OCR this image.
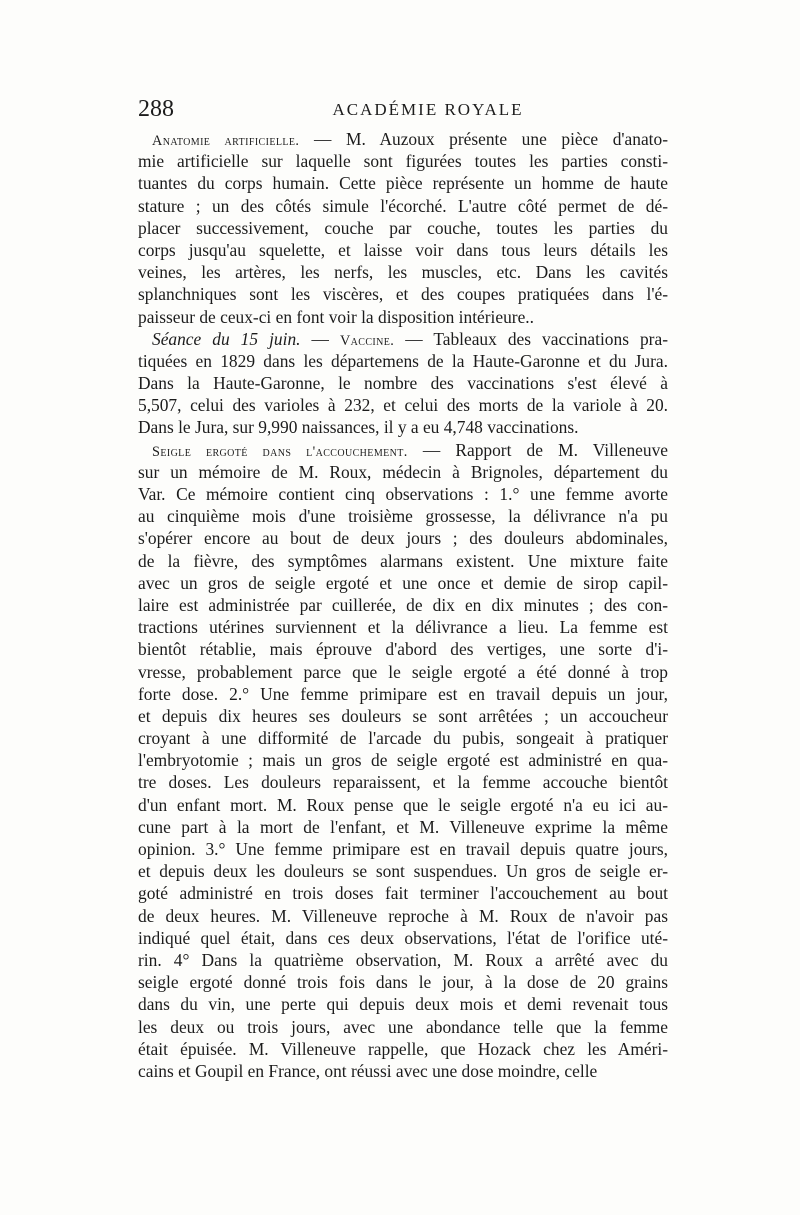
288	ACADÉMIE ROYALE
Anatomie artificielle. — M. Auzoux présente une pièce d'anato-
mie artificielle sur laquelle sont figurées toutes les parties consti-
tuantes du corps humain. Cette pièce représente un homme de haute
stature ; un des côtés simule l'écorché. L'autre côté permet de dé-
placer successivement, couche par couche, toutes les parties du
corps jusqu'au squelette, et laisse voir dans tous leurs détails les
veines, les artères, les nerfs, les muscles, etc. Dans les cavités
splanchniques sont les viscères, et des coupes pratiquées dans l'é-
paisseur de ceux-ci en font voir la disposition intérieure..
Séance du 15 juin. — Vaccine. — Tableaux des vaccinations pra-
tiquées en 1829 dans les départemens de la Haute-Garonne et du Jura.
Dans la Haute-Garonne, le nombre des vaccinations s'est élevé à
5,507, celui des varioles à 232, et celui des morts de la variole à 20.
Dans le Jura, sur 9,990 naissances, il y a eu 4,748 vaccinations.
Seigle ergoté dans l'accouchement. — Rapport de M. Villeneuve
sur un mémoire de M. Roux, médecin à Brignoles, département du
Var. Ce mémoire contient cinq observations : 1.° une femme avorte
au cinquième mois d'une troisième grossesse, la délivrance n'a pu
s'opérer encore au bout de deux jours ; des douleurs abdominales,
de la fièvre, des symptômes alarmans existent. Une mixture faite
avec un gros de seigle ergoté et une once et demie de sirop capil-
laire est administrée par cuillerée, de dix en dix minutes ; des con-
tractions utérines surviennent et la délivrance a lieu. La femme est
bientôt rétablie, mais éprouve d'abord des vertiges, une sorte d'i-
vresse, probablement parce que le seigle ergoté a été donné à trop
forte dose. 2.° Une femme primipare est en travail depuis un jour,
et depuis dix heures ses douleurs se sont arrêtées ; un accoucheur
croyant à une difformité de l'arcade du pubis, songeait à pratiquer
l'embryotomie ; mais un gros de seigle ergoté est administré en qua-
tre doses. Les douleurs reparaissent, et la femme accouche bientôt
d'un enfant mort. M. Roux pense que le seigle ergoté n'a eu ici au-
cune part à la mort de l'enfant, et M. Villeneuve exprime la même
opinion. 3.° Une femme primipare est en travail depuis quatre jours,
et depuis deux les douleurs se sont suspendues. Un gros de seigle er-
goté administré en trois doses fait terminer l'accouchement au bout
de deux heures. M. Villeneuve reproche à M. Roux de n'avoir pas
indiqué quel était, dans ces deux observations, l'état de l'orifice uté-
rin. 4° Dans la quatrième observation, M. Roux a arrêté avec du
seigle ergoté donné trois fois dans le jour, à la dose de 20 grains
dans du vin, une perte qui depuis deux mois et demi revenait tous
les deux ou trois jours, avec une abondance telle que la femme
était épuisée. M. Villeneuve rappelle, que Hozack chez les Améri-
cains et Goupil en France, ont réussi avec une dose moindre, celle
